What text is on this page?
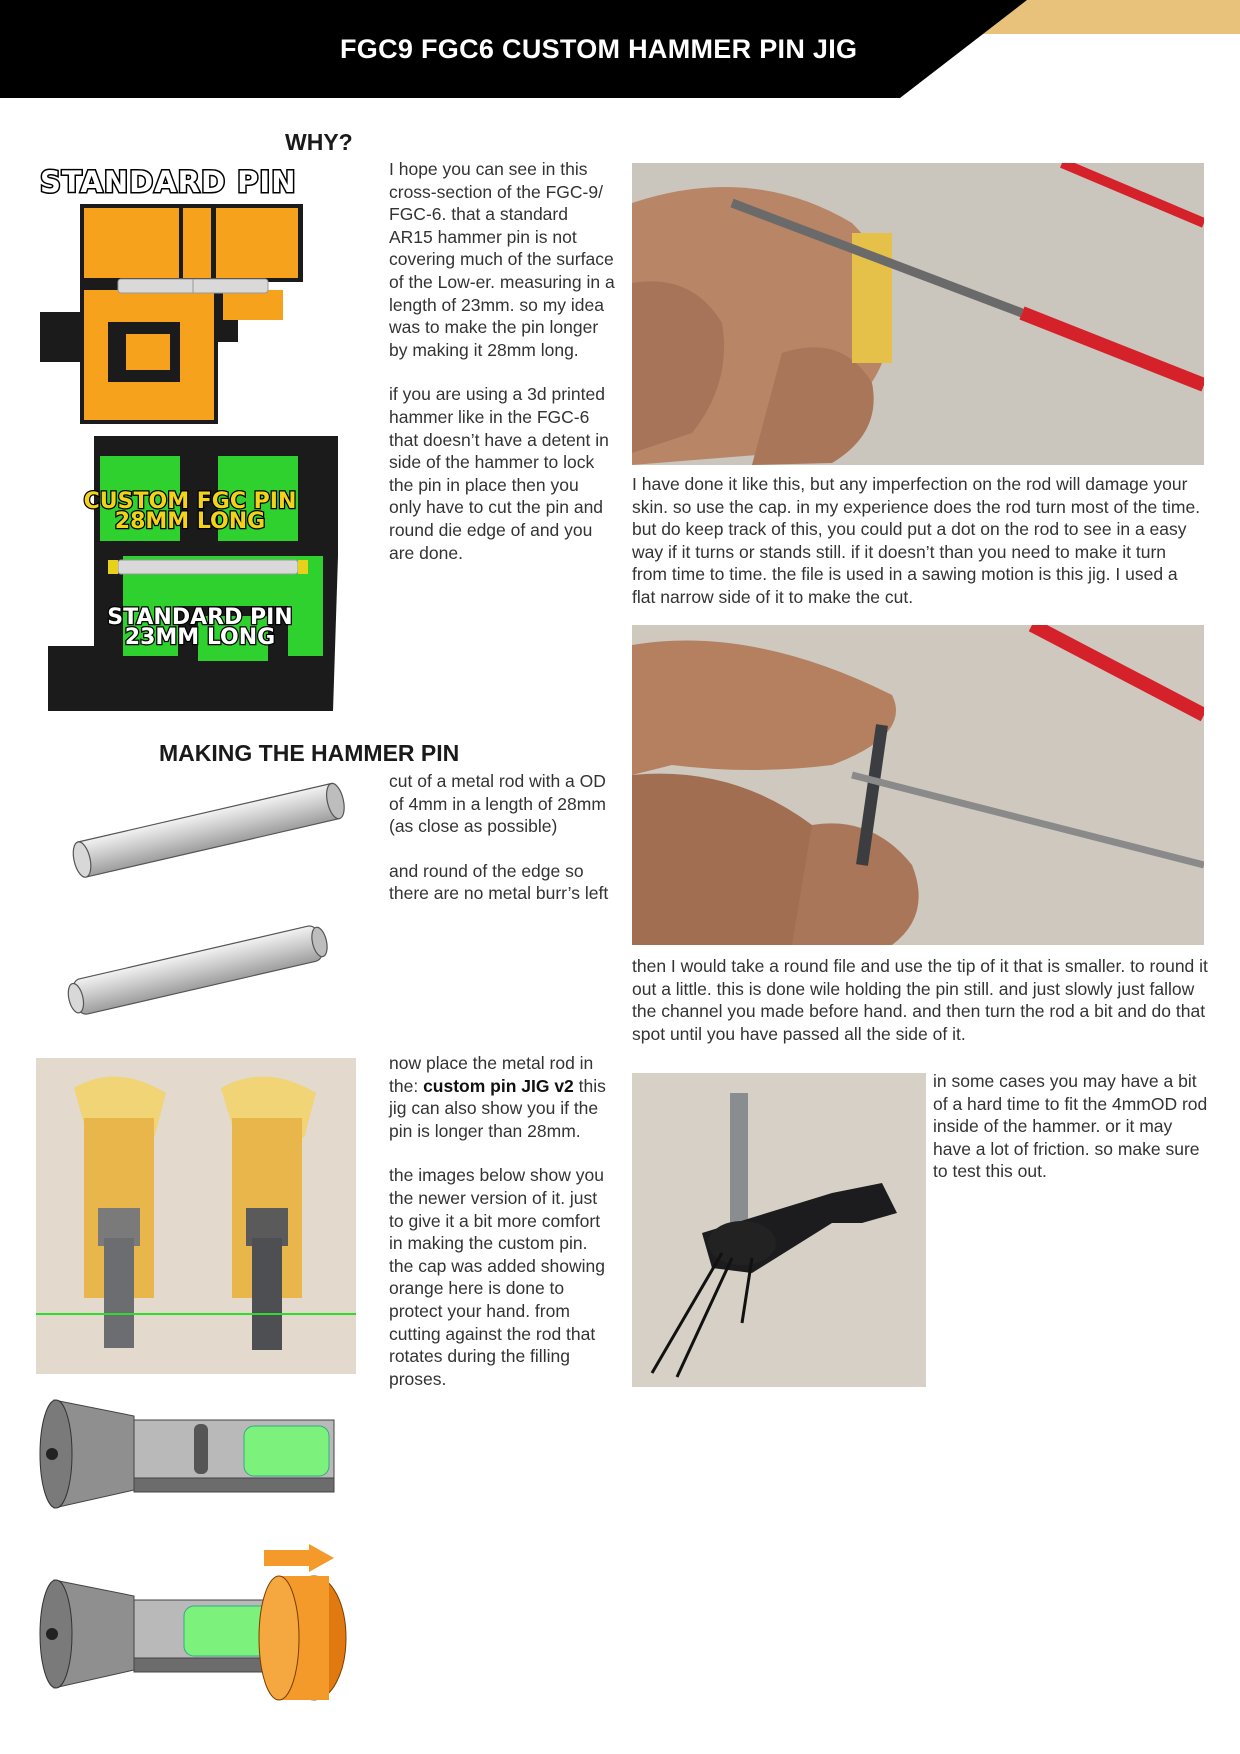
FGC9 FGC6 CUSTOM HAMMER PIN JIG
WHY?
STANDARD PIN
CUSTOM FGC PIN
28MM LONG
STANDARD PIN
23MM LONG

I hope you can see in this cross-section of the FGC-9/ FGC-6. that a standard AR15 hammer pin is not covering much of the surface of the Low-er. measuring in a length of 23mm. so my idea was to make the pin longer by making it 28mm long.

if you are using a 3d printed hammer like in the FGC-6 that doesn’t have a detent in side of the hammer to lock the pin in place then you only have to cut the pin and round die edge of and you are done.

MAKING THE HAMMER PIN

cut of a metal rod with a OD of 4mm in a length of 28mm (as close as possible)

and round of the edge so there are no metal burr’s left

now place the metal rod in the: custom pin JIG v2 this jig can also show you if the pin is longer than 28mm.

the images below show you the newer version of it. just to give it a bit more comfort in making the custom pin. the cap was added showing orange here is done to protect your hand. from cutting against the rod that rotates during the filling proses.

I have done it like this, but any imperfection on the rod will damage your skin. so use the cap. in my experience does the rod turn most of the time. but do keep track of this, you could put a dot on the rod to see in a easy way if it turns or stands still. if it doesn’t than you need to make it turn from time to time. the file is used in a sawing motion is this jig. I used a flat narrow side of it to make the cut.
then I would take a round file and use the tip of it that is smaller. to round it out a little. this is done wile holding the pin still. and just slowly just fallow the channel you made before hand. and then turn the rod a bit and do that spot until you have passed all the side of it.
in some cases you may have a bit of a hard time to fit the 4mmOD rod inside of the hammer. or it may have a lot of friction. so make sure to test this out.
